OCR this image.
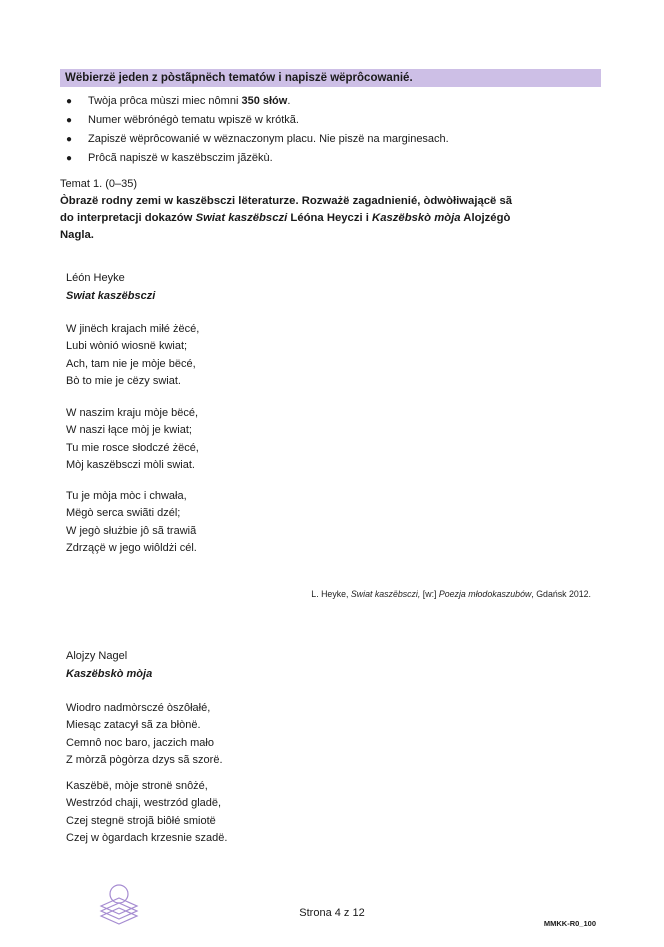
Wëbierzë jeden z pòstãpnëch tematów i napiszë wëprôcowanié.
● Twòja prôca mùszi miec nômni 350 słów.
● Numer wëbrónégò tematu wpiszë w krótkã.
● Zapiszë wëprôcowanié w wëznaczonym placu. Nie piszë na marginesach.
● Prôcã napiszë w kaszëbsczim jãzëkù.
Temat 1. (0–35)
Òbrazë rodny zemi w kaszëbsczi lëteraturze. Rozważë zagadnienié, òdwòłiwającë sã
do interpretacji dokazów Swiat kaszëbsczi Léóna Heyczi i Kaszëbskò mòja Alojzégò
Nagla.
Léón Heyke
Swiat kaszëbsczi
W jinëch krajach miłé żëcé,
Lubi wònió wiosnë kwiat;
Ach, tam nie je mòje bëcé,
Bò to mie je cëzy swiat.
W naszim kraju mòje bëcé,
W naszi łące mòj je kwiat;
Tu mie rosce słodczé żëcé,
Mòj kaszëbsczi mòli swiat.
Tu je mòja mòc i chwała,
Mëgò serca swiãti dzél;
W jegò służbie jô sã trawiã
Zdrząçë w jego wiôldżi cél.
L. Heyke, Swiat kaszëbsczi, [w:] Poezja młodokaszubów, Gdańsk 2012.
Alojzy Nagel
Kaszëbskò mòja
Wiodro nadmòrsczé òszôłałé,
Miesąc zatacył sã za błònë.
Cemnô noc baro, jaczich mało
Z mòrzã pògòrza dzys sã szorë.
Kaszëbë, mòje stronë snôżé,
Westrzód chaji, westrzód gladë,
Czej stegnë strojã biôłé smiotë
Czej w ògardach krzesnie szadë.
Strona 4 z 12
MMKK-R0_100
